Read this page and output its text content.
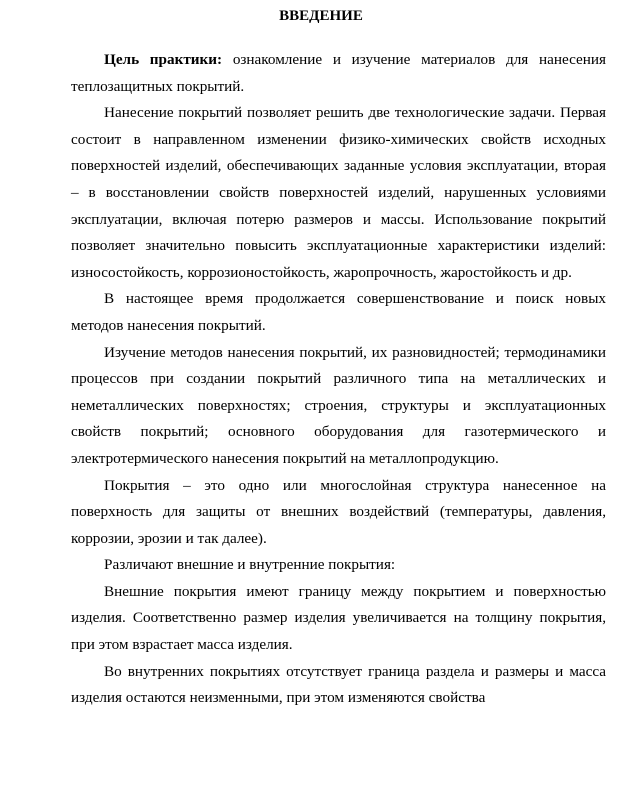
ВВЕДЕНИЕ

Цель практики: ознакомление и изучение материалов для нанесения теплозащитных покрытий.

Нанесение покрытий позволяет решить две технологические задачи. Первая состоит в направленном изменении физико-химических свойств исходных поверхностей изделий, обеспечивающих заданные условия эксплуатации, вторая – в восстановлении свойств поверхностей изделий, нарушенных условиями эксплуатации, включая потерю размеров и массы. Использование покрытий позволяет значительно повысить эксплуатационные характеристики изделий: износостойкость, коррозионостойкость, жаропрочность, жаростойкость и др.

В настоящее время продолжается совершенствование и поиск новых методов нанесения покрытий.

Изучение методов нанесения покрытий, их разновидностей; термодинамики процессов при создании покрытий различного типа на металлических и неметаллических поверхностях; строения, структуры и эксплуатационных свойств покрытий; основного оборудования для газотермического и электротермического нанесения покрытий на металлопродукцию.

Покрытия – это одно или многослойная структура нанесенное на поверхность для защиты от внешних воздействий (температуры, давления, коррозии, эрозии и так далее).

Различают внешние и внутренние покрытия:

Внешние покрытия имеют границу между покрытием и поверхностью изделия. Соответственно размер изделия увеличивается на толщину покрытия, при этом взрастает масса изделия.

Во внутренних покрытиях отсутствует граница раздела и размеры и масса изделия остаются неизменными, при этом изменяются свойства
